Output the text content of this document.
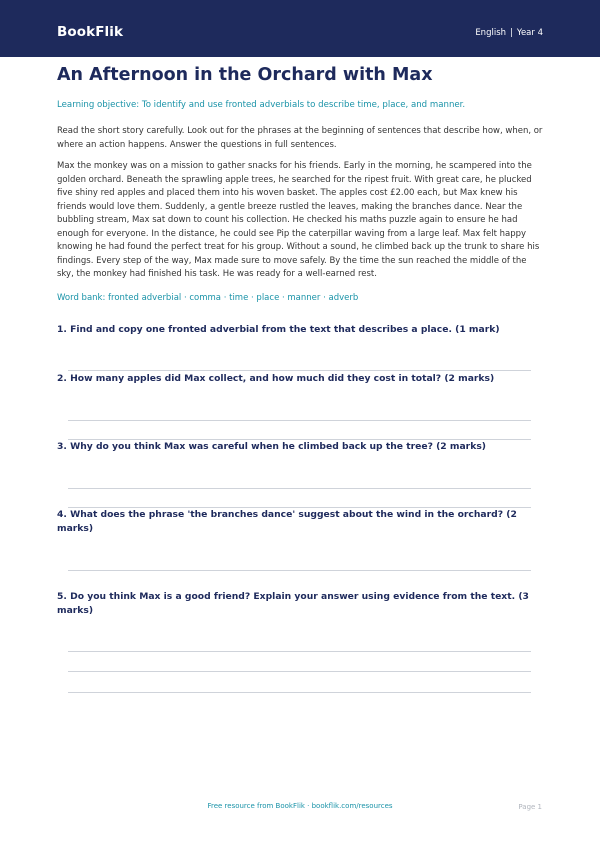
BookFlik	English | Year 4
An Afternoon in the Orchard with Max
Learning objective: To identify and use fronted adverbials to describe time, place, and manner.
Read the short story carefully. Look out for the phrases at the beginning of sentences that describe how, when, or where an action happens. Answer the questions in full sentences.
Max the monkey was on a mission to gather snacks for his friends. Early in the morning, he scampered into the golden orchard. Beneath the sprawling apple trees, he searched for the ripest fruit. With great care, he plucked five shiny red apples and placed them into his woven basket. The apples cost £2.00 each, but Max knew his friends would love them. Suddenly, a gentle breeze rustled the leaves, making the branches dance. Near the bubbling stream, Max sat down to count his collection. He checked his maths puzzle again to ensure he had enough for everyone. In the distance, he could see Pip the caterpillar waving from a large leaf. Max felt happy knowing he had found the perfect treat for his group. Without a sound, he climbed back up the trunk to share his findings. Every step of the way, Max made sure to move safely. By the time the sun reached the middle of the sky, the monkey had finished his task. He was ready for a well-earned rest.
Word bank: fronted adverbial · comma · time · place · manner · adverb
1. Find and copy one fronted adverbial from the text that describes a place. (1 mark)
2. How many apples did Max collect, and how much did they cost in total? (2 marks)
3. Why do you think Max was careful when he climbed back up the tree? (2 marks)
4. What does the phrase 'the branches dance' suggest about the wind in the orchard? (2 marks)
5. Do you think Max is a good friend? Explain your answer using evidence from the text. (3 marks)
Free resource from BookFlik · bookflik.com/resources	Page 1
